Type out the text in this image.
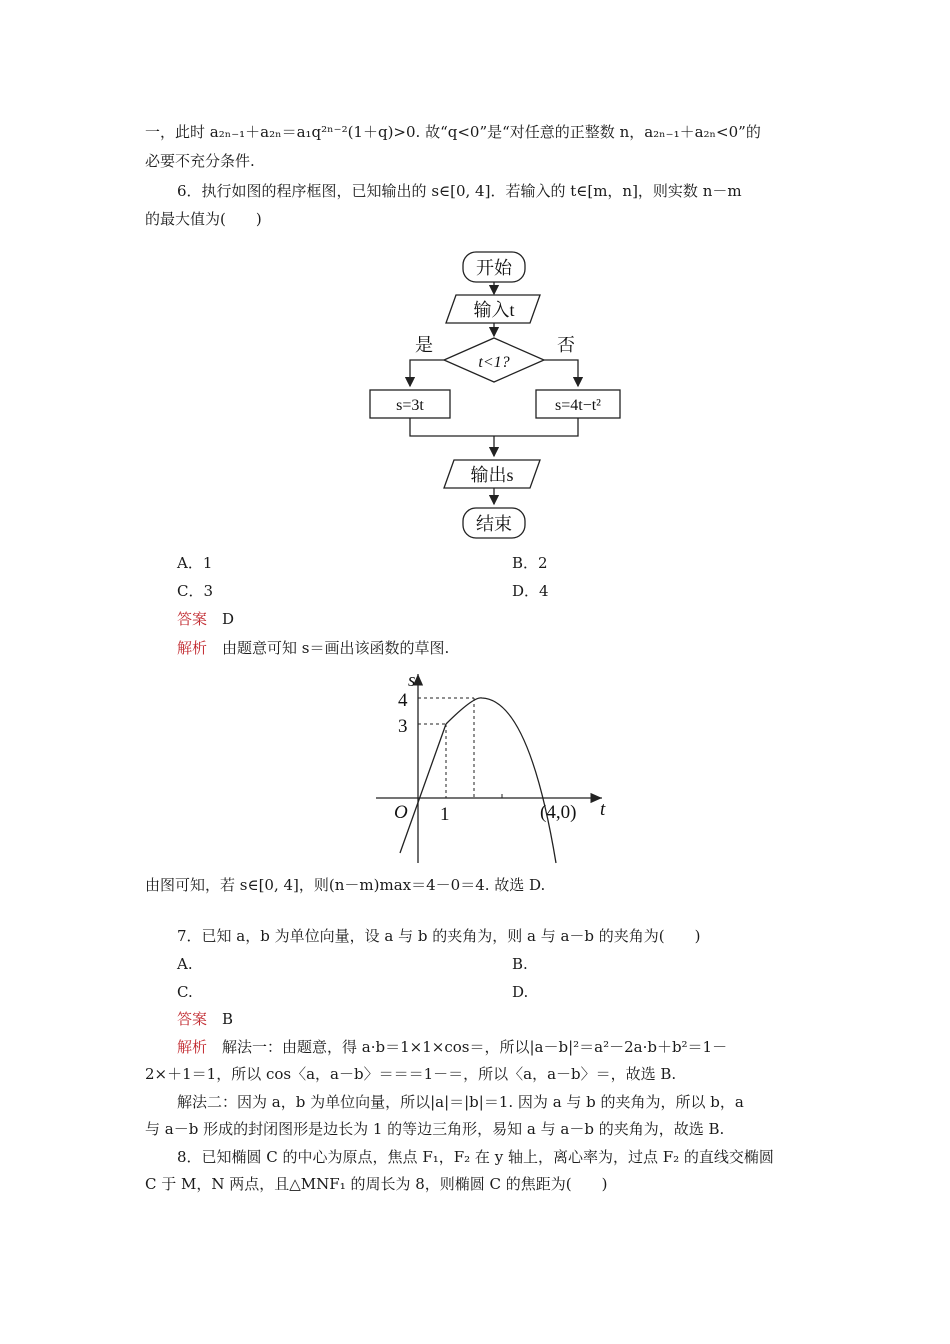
一，此时 a₂ₙ₋₁＋a₂ₙ＝a₁q²ⁿ⁻²(1＋q)>0. 故“q<0”是“对任意的正整数 n，a₂ₙ₋₁＋a₂ₙ<0”的
必要不充分条件.
6．执行如图的程序框图，已知输出的 s∈[0, 4]．若输入的 t∈[m，n]，则实数 n－m
的最大值为(　　)
开始
输入t
t<1?
是	否
s=3t	s=4t−t²
输出s
结束
A．1	B．2
C．3	D．4
答案　 D
解析　 由题意可知 s＝画出该函数的草图.
s
t
O
4
3
1	(4,0)
由图可知，若 s∈[0, 4]，则(n－m)max＝4－0＝4. 故选 D.
7．已知 a，b 为单位向量，设 a 与 b 的夹角为，则 a 与 a－b 的夹角为(　　)
A.	B.
C.	D.
答案　 B
解析　 解法一：由题意，得 a·b＝1×1×cos＝，所以|a－b|²＝a²－2a·b＋b²＝1－
2×＋1＝1，所以 cos〈a，a－b〉＝＝＝1－＝，所以〈a，a－b〉＝，故选 B.
解法二：因为 a，b 为单位向量，所以|a|＝|b|＝1. 因为 a 与 b 的夹角为，所以 b，a
与 a－b 形成的封闭图形是边长为 1 的等边三角形，易知 a 与 a－b 的夹角为，故选 B.
8．已知椭圆 C 的中心为原点，焦点 F₁，F₂ 在 y 轴上，离心率为，过点 F₂ 的直线交椭圆
C 于 M，N 两点，且△MNF₁ 的周长为 8，则椭圆 C 的焦距为(　　)
